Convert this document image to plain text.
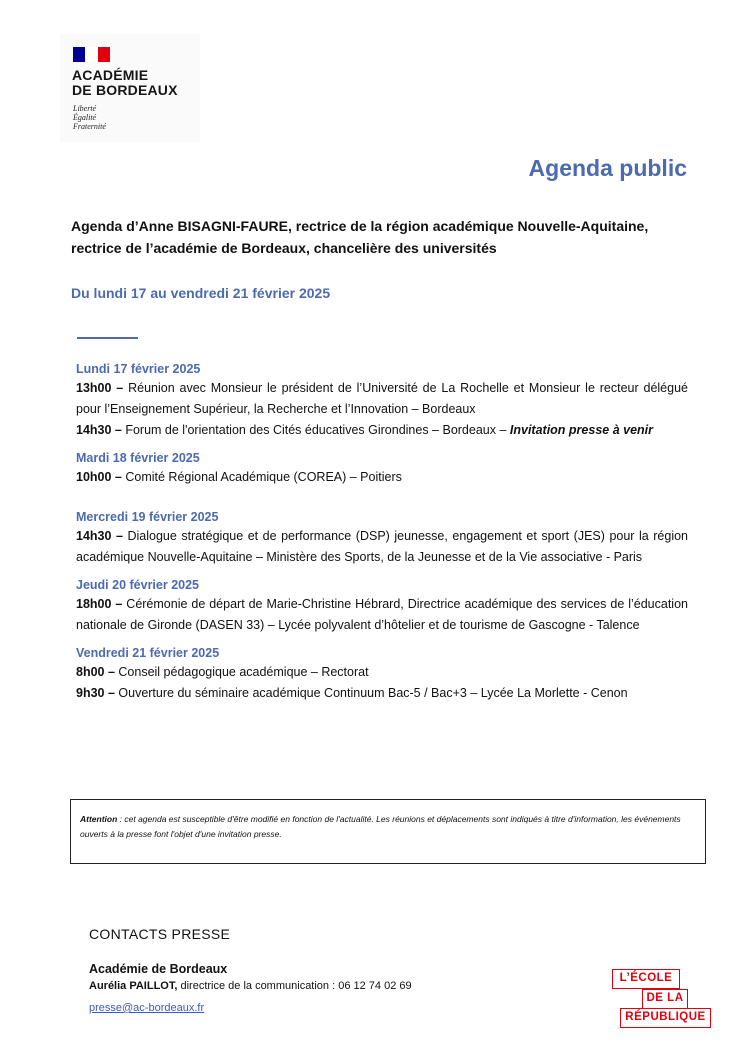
ACADÉMIE
DE BORDEAUX
Liberté
Égalité
Fraternité
Agenda public
Agenda d’Anne BISAGNI-FAURE, rectrice de la région académique Nouvelle-Aquitaine, rectrice de l’académie de Bordeaux, chancelière des universités
Du lundi 17 au vendredi 21 février 2025
Lundi 17 février 2025
13h00 – Réunion avec Monsieur le président de l’Université de La Rochelle et Monsieur le recteur délégué pour l’Enseignement Supérieur, la Recherche et l’Innovation – Bordeaux
14h30 – Forum de l'orientation des Cités éducatives Girondines – Bordeaux – Invitation presse à venir
Mardi 18 février 2025
10h00 – Comité Régional Académique (COREA) – Poitiers
Mercredi 19 février 2025
14h30 – Dialogue stratégique et de performance (DSP) jeunesse, engagement et sport (JES) pour la région académique Nouvelle-Aquitaine – Ministère des Sports, de la Jeunesse et de la Vie associative - Paris
Jeudi 20 février 2025
18h00 – Cérémonie de départ de Marie-Christine Hébrard, Directrice académique des services de l’éducation nationale de Gironde (DASEN 33) – Lycée polyvalent d’hôtelier et de tourisme de Gascogne - Talence
Vendredi 21 février 2025
8h00 – Conseil pédagogique académique – Rectorat
9h30 – Ouverture du séminaire académique Continuum Bac-5 / Bac+3 – Lycée La Morlette - Cenon
Attention : cet agenda est susceptible d'être modifié en fonction de l'actualité. Les réunions et déplacements sont indiqués à titre d'information, les événements ouverts à la presse font l'objet d'une invitation presse.
CONTACTS PRESSE
Académie de Bordeaux
Aurélia PAILLOT, directrice de la communication : 06 12 74 02 69
presse@ac-bordeaux.fr
L’ÉCOLE
DE LA
RÉPUBLIQUE
